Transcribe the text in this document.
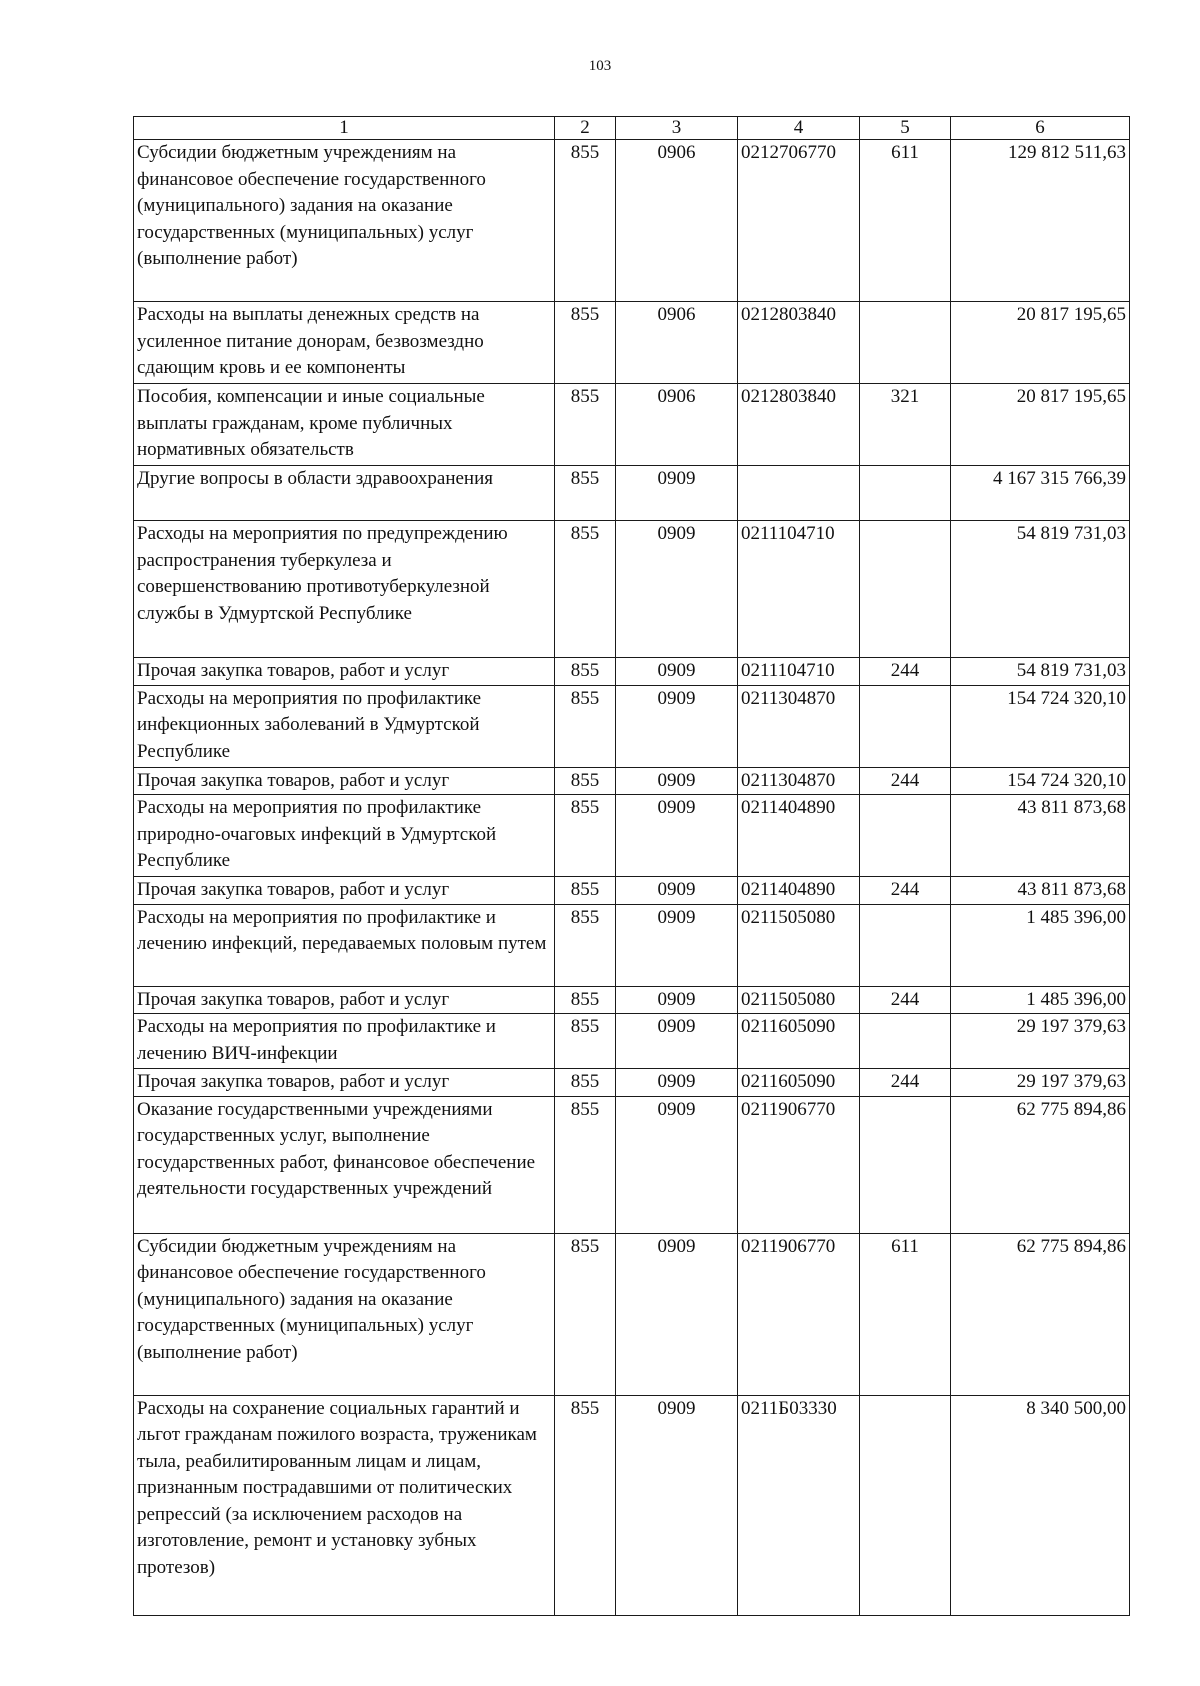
103
1	2	3	4	5	6
Субсидии бюджетным учреждениям на финансовое обеспечение государственного (муниципального) задания на оказание государственных (муниципальных) услуг (выполнение работ)	855	0906	0212706770	611	129 812 511,63
Расходы на выплаты денежных средств на усиленное питание донорам, безвозмездно сдающим кровь и ее компоненты	855	0906	0212803840		20 817 195,65
Пособия, компенсации и иные социальные выплаты гражданам, кроме публичных нормативных обязательств	855	0906	0212803840	321	20 817 195,65
Другие вопросы в области здравоохранения	855	0909			4 167 315 766,39
Расходы на мероприятия по предупреждению распространения туберкулеза и совершенствованию противотуберкулезной службы в Удмуртской Республике	855	0909	0211104710		54 819 731,03
Прочая закупка товаров, работ и услуг	855	0909	0211104710	244	54 819 731,03
Расходы на мероприятия по профилактике инфекционных заболеваний в Удмуртской Республике	855	0909	0211304870		154 724 320,10
Прочая закупка товаров, работ и услуг	855	0909	0211304870	244	154 724 320,10
Расходы на мероприятия по профилактике природно-очаговых инфекций в Удмуртской Республике	855	0909	0211404890		43 811 873,68
Прочая закупка товаров, работ и услуг	855	0909	0211404890	244	43 811 873,68
Расходы на мероприятия по профилактике и лечению инфекций, передаваемых половым путем	855	0909	0211505080		1 485 396,00
Прочая закупка товаров, работ и услуг	855	0909	0211505080	244	1 485 396,00
Расходы на мероприятия по профилактике и лечению ВИЧ-инфекции	855	0909	0211605090		29 197 379,63
Прочая закупка товаров, работ и услуг	855	0909	0211605090	244	29 197 379,63
Оказание государственными учреждениями государственных услуг, выполнение государственных работ, финансовое обеспечение деятельности государственных учреждений	855	0909	0211906770		62 775 894,86
Субсидии бюджетным учреждениям на финансовое обеспечение государственного (муниципального) задания на оказание государственных (муниципальных) услуг (выполнение работ)	855	0909	0211906770	611	62 775 894,86
Расходы на сохранение социальных гарантий и льгот гражданам пожилого возраста, труженикам тыла, реабилитированным лицам и лицам, признанным пострадавшими от политических репрессий (за исключением расходов на изготовление, ремонт и установку зубных протезов)	855	0909	0211Б03330		8 340 500,00
